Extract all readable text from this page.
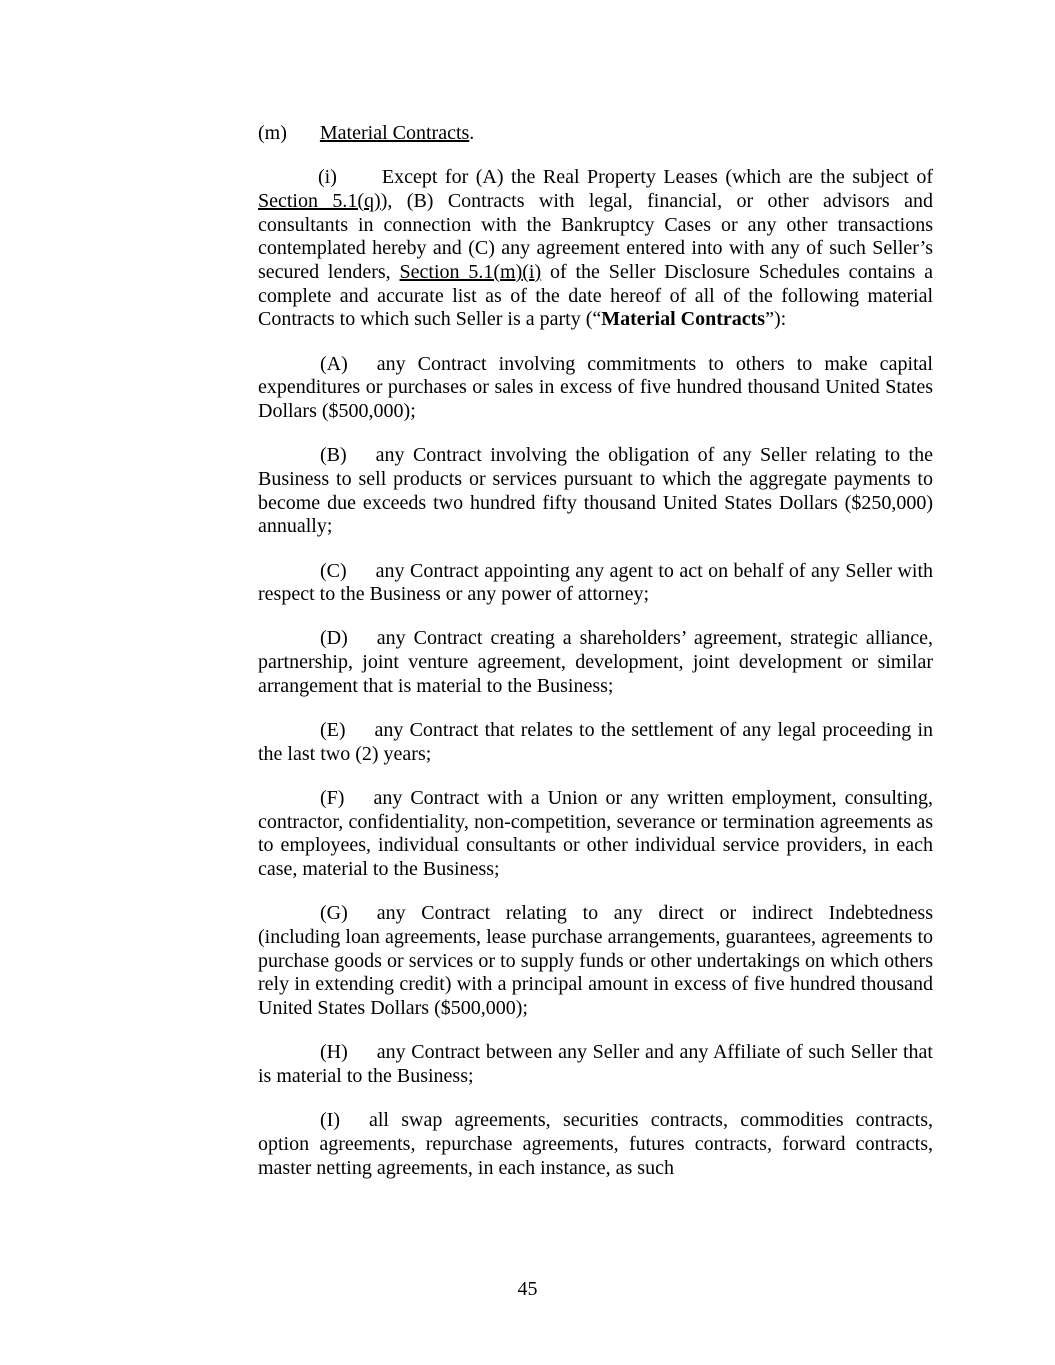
(m) Material Contracts.

(i) Except for (A) the Real Property Leases (which are the subject of Section 5.1(q)), (B) Contracts with legal, financial, or other advisors and consultants in connection with the Bankruptcy Cases or any other transactions contemplated hereby and (C) any agreement entered into with any of such Seller’s secured lenders, Section 5.1(m)(i) of the Seller Disclosure Schedules contains a complete and accurate list as of the date hereof of all of the following material Contracts to which such Seller is a party (“Material Contracts”):

(A) any Contract involving commitments to others to make capital expenditures or purchases or sales in excess of five hundred thousand United States Dollars ($500,000);

(B) any Contract involving the obligation of any Seller relating to the Business to sell products or services pursuant to which the aggregate payments to become due exceeds two hundred fifty thousand United States Dollars ($250,000) annually;

(C) any Contract appointing any agent to act on behalf of any Seller with respect to the Business or any power of attorney;

(D) any Contract creating a shareholders’ agreement, strategic alliance, partnership, joint venture agreement, development, joint development or similar arrangement that is material to the Business;

(E) any Contract that relates to the settlement of any legal proceeding in the last two (2) years;

(F) any Contract with a Union or any written employment, consulting, contractor, confidentiality, non-competition, severance or termination agreements as to employees, individual consultants or other individual service providers, in each case, material to the Business;

(G) any Contract relating to any direct or indirect Indebtedness (including loan agreements, lease purchase arrangements, guarantees, agreements to purchase goods or services or to supply funds or other undertakings on which others rely in extending credit) with a principal amount in excess of five hundred thousand United States Dollars ($500,000);

(H) any Contract between any Seller and any Affiliate of such Seller that is material to the Business;

(I) all swap agreements, securities contracts, commodities contracts, option agreements, repurchase agreements, futures contracts, forward contracts, master netting agreements, in each instance, as such

45
